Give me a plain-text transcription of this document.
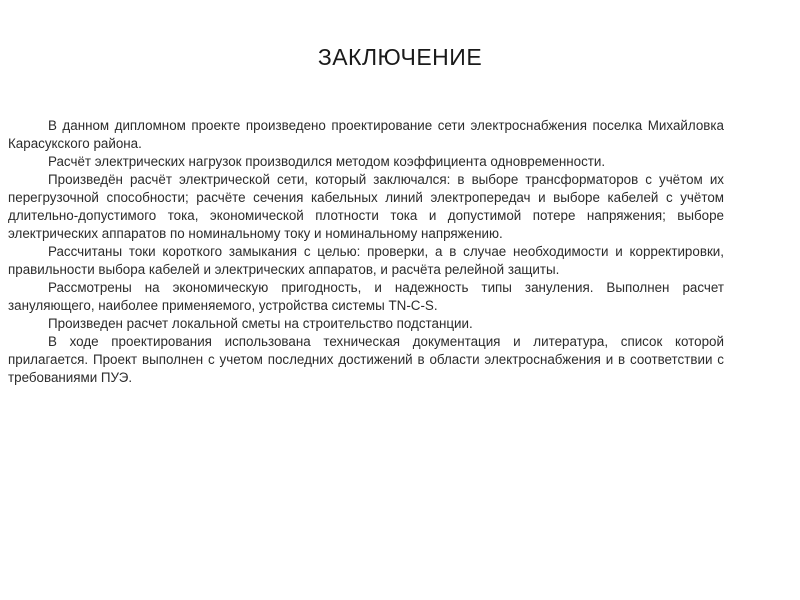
ЗАКЛЮЧЕНИЕ

В данном дипломном проекте произведено проектирование сети электроснабжения поселка Михайловка Карасукского района.

Расчёт электрических нагрузок производился методом коэффициента одновременности.

Произведён расчёт электрической сети, который заключался: в выборе трансформаторов с учётом их перегрузочной способности; расчёте сечения кабельных линий электропередач и выборе кабелей с учётом длительно-допустимого тока, экономической плотности тока и допустимой потере напряжения; выборе электрических аппаратов по номинальному току и номинальному напряжению.

Рассчитаны токи короткого замыкания с целью: проверки, а в случае необходимости и корректировки, правильности выбора кабелей и электрических аппаратов, и расчёта релейной защиты.

Рассмотрены на экономическую пригодность, и надежность типы зануления. Выполнен расчет зануляющего, наиболее применяемого, устройства системы TN-C-S.

Произведен расчет локальной сметы на строительство подстанции.

В ходе проектирования использована техническая документация и литература, список которой прилагается. Проект выполнен с учетом последних достижений в области электроснабжения и в соответствии с требованиями ПУЭ.
